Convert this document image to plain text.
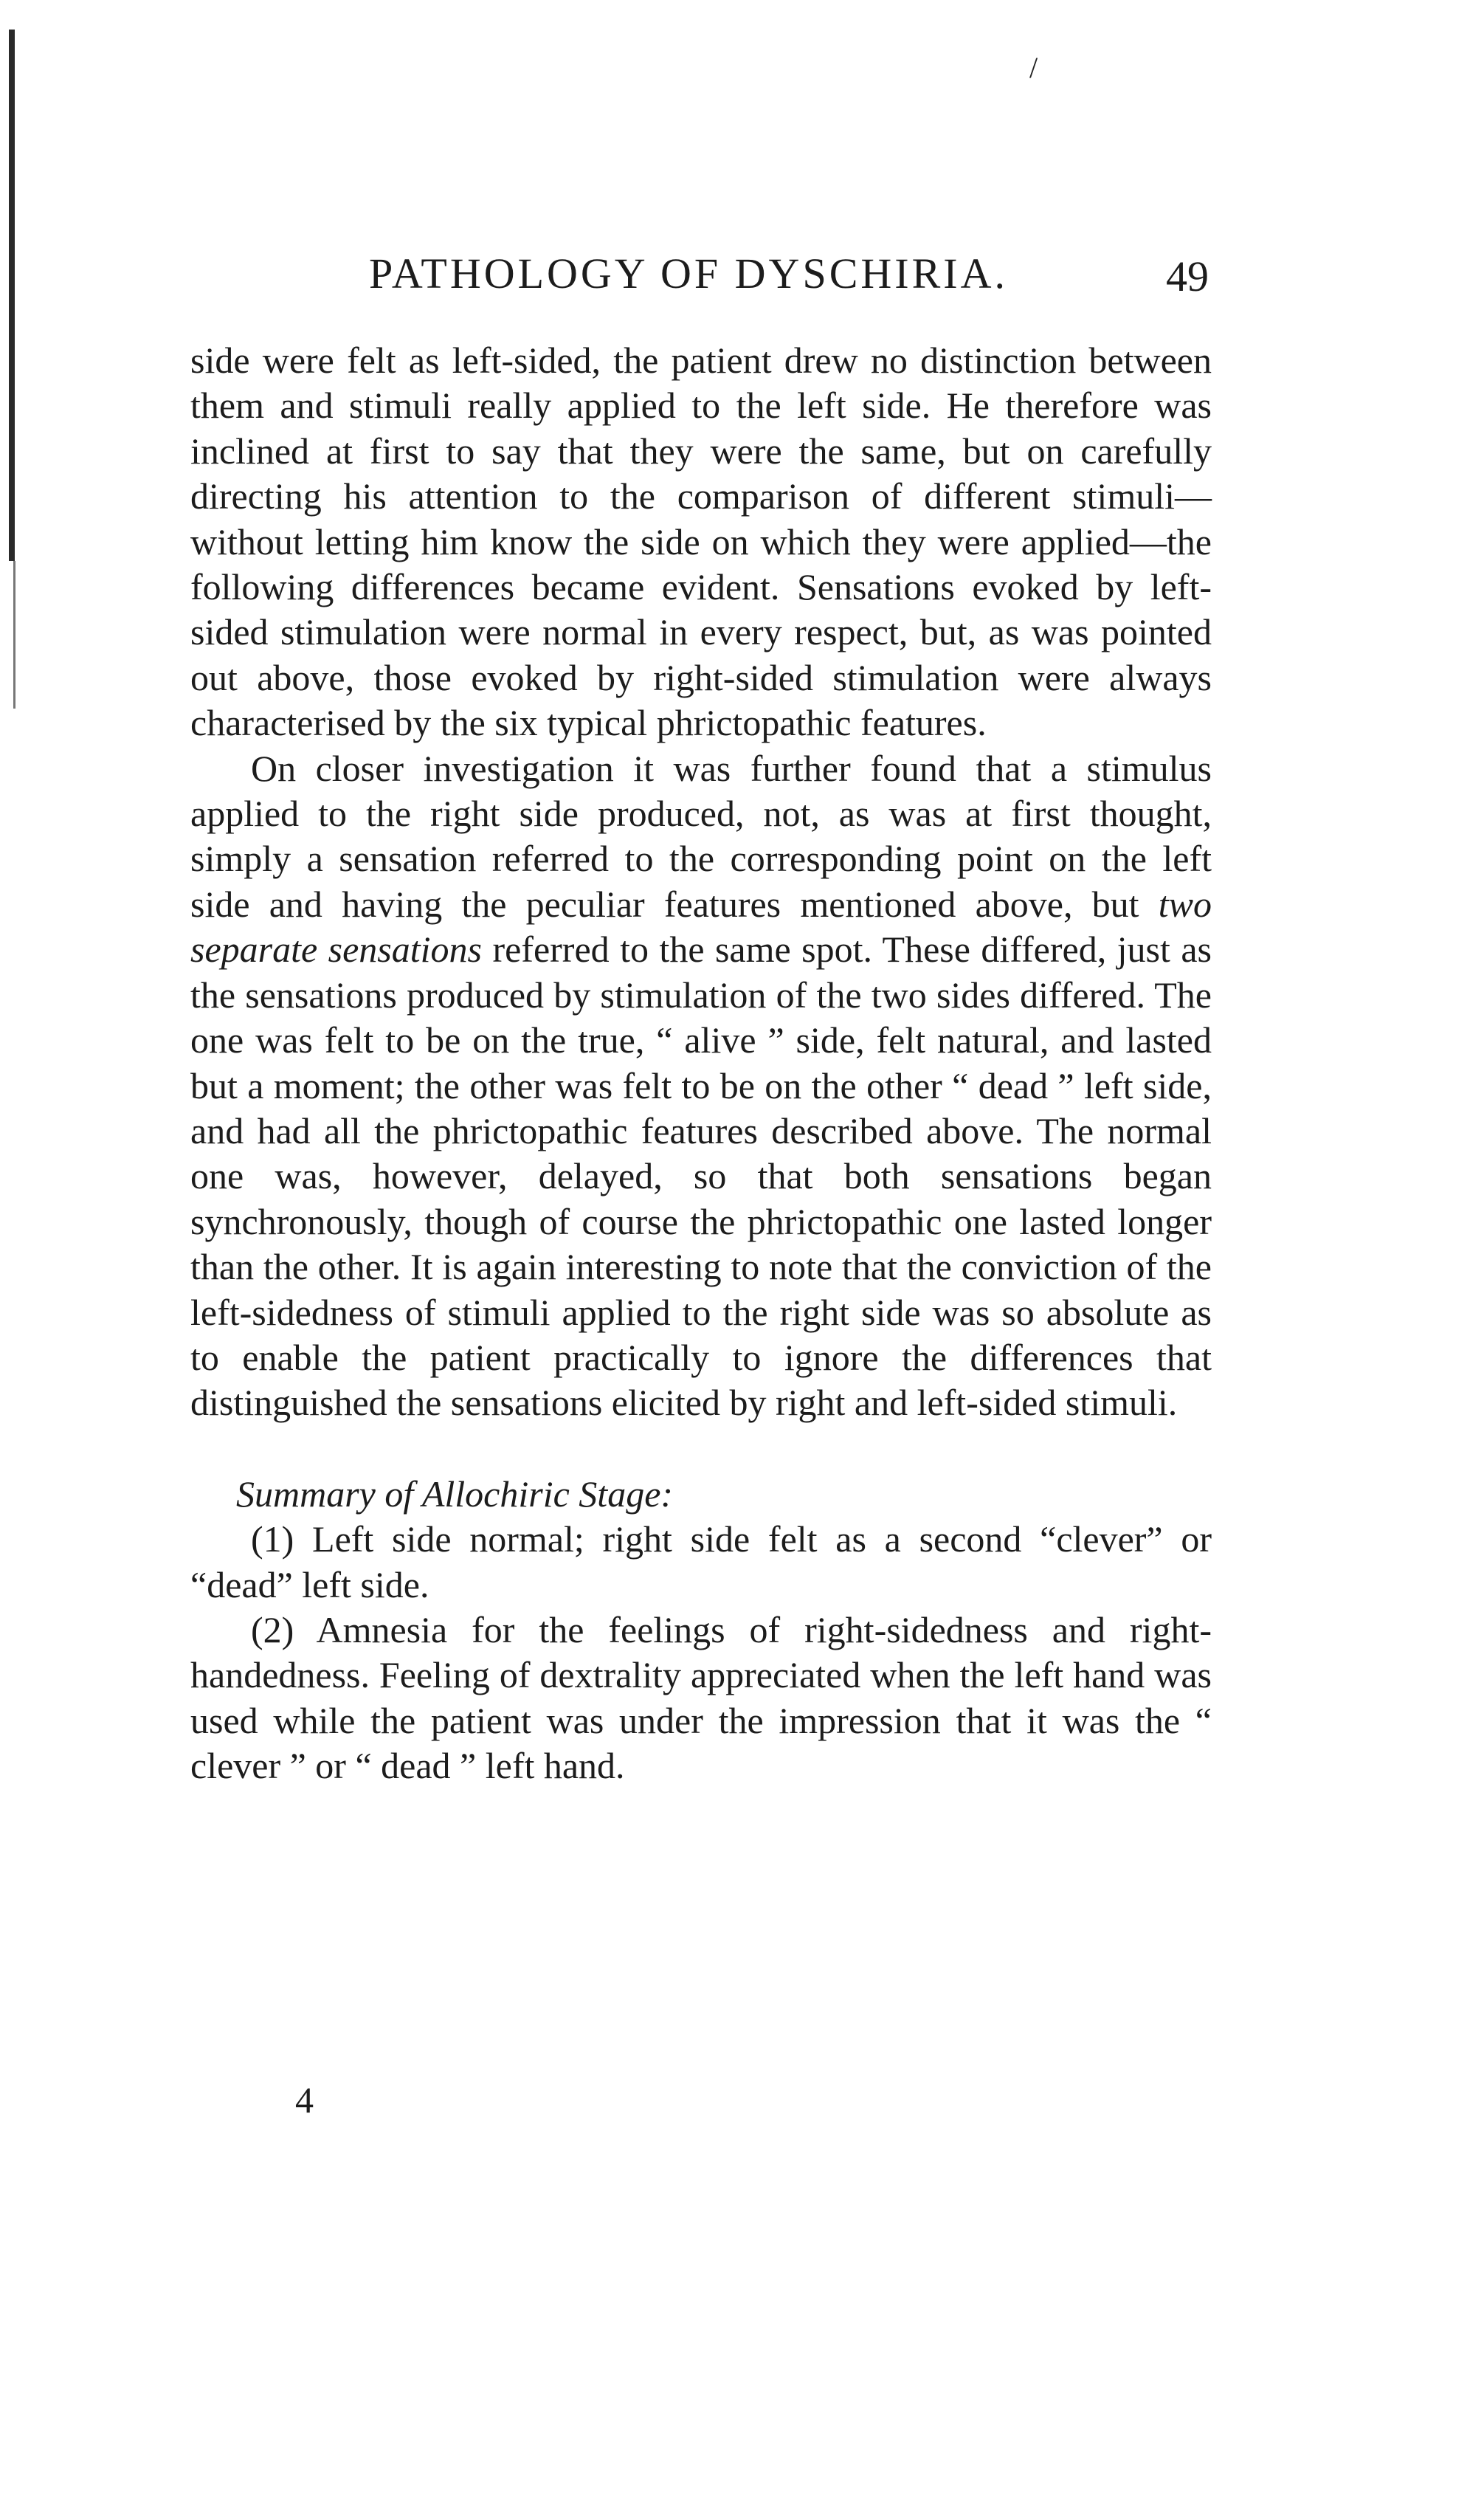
/
PATHOLOGY OF DYSCHIRIA.	49

side were felt as left-sided, the patient drew no distinction between them and stimuli really applied to the left side. He therefore was inclined at first to say that they were the same, but on carefully directing his attention to the comparison of different stimuli—without letting him know the side on which they were applied—the following differences became evident. Sensations evoked by left-sided stimulation were normal in every respect, but, as was pointed out above, those evoked by right-sided stimulation were always characterised by the six typical phrictopathic features.

On closer investigation it was further found that a stimulus applied to the right side produced, not, as was at first thought, simply a sensation referred to the corresponding point on the left side and having the peculiar features mentioned above, but two separate sensations referred to the same spot. These differed, just as the sensations produced by stimulation of the two sides differed. The one was felt to be on the true, “ alive ” side, felt natural, and lasted but a moment; the other was felt to be on the other “ dead ” left side, and had all the phrictopathic features described above. The normal one was, however, delayed, so that both sensations began synchronously, though of course the phrictopathic one lasted longer than the other. It is again interesting to note that the conviction of the left-sidedness of stimuli applied to the right side was so absolute as to enable the patient practically to ignore the differences that distinguished the sensations elicited by right and left-sided stimuli.

Summary of Allochiric Stage:

(1) Left side normal; right side felt as a second “clever” or “dead” left side.

(2) Amnesia for the feelings of right-sidedness and right-handedness. Feeling of dextrality appreciated when the left hand was used while the patient was under the impression that it was the “ clever ” or “ dead ” left hand.

4
